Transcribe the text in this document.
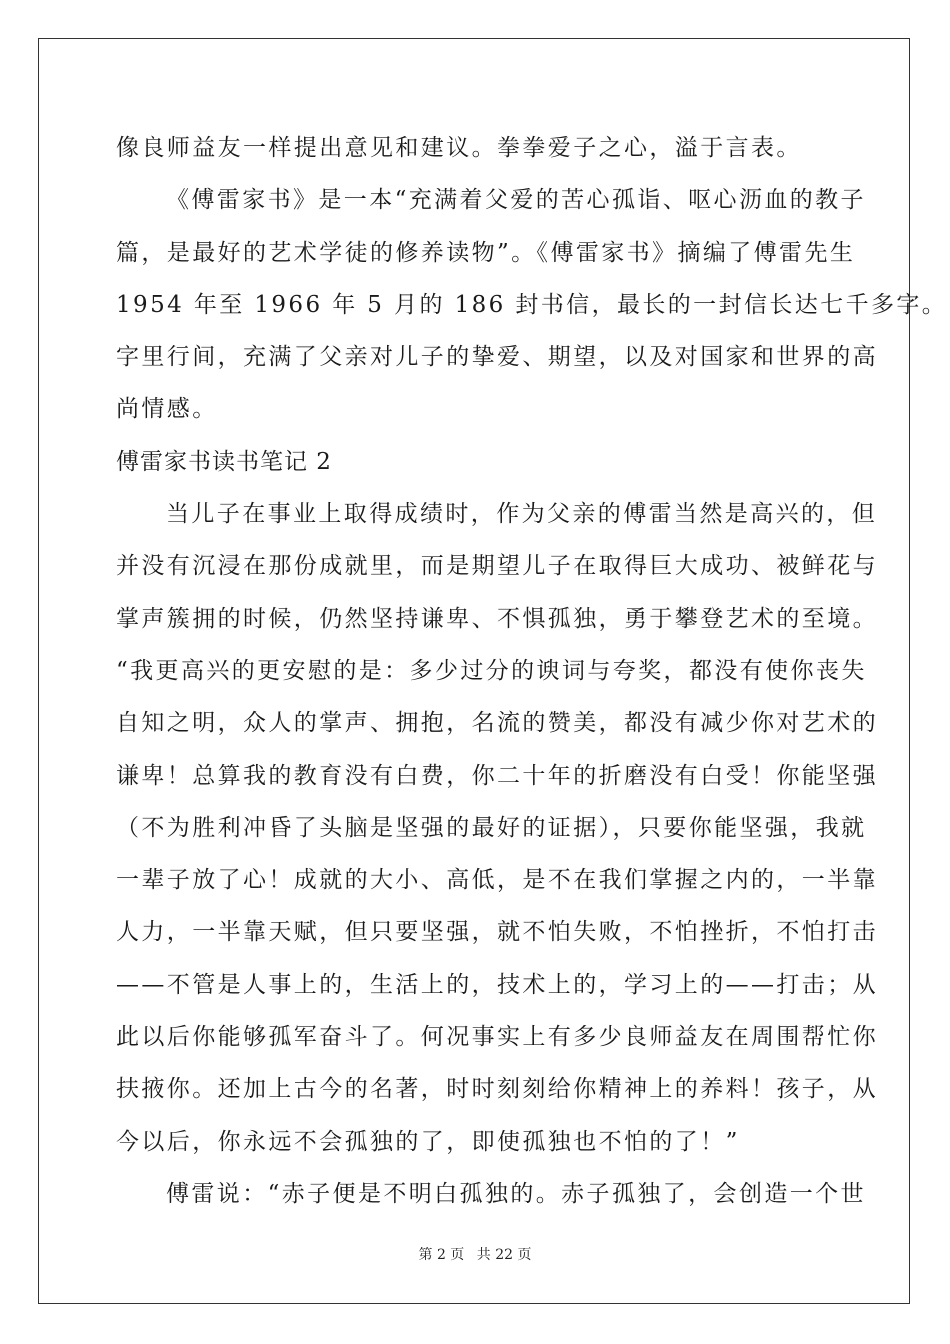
像良师益友一样提出意见和建议。拳拳爱子之心，溢于言表。
《傅雷家书》是一本“充满着父爱的苦心孤诣、呕心沥血的教子
篇，是最好的艺术学徒的修养读物”。《傅雷家书》摘编了傅雷先生
1954 年至 1966 年 5 月的 186 封书信，最长的一封信长达七千多字。
字里行间，充满了父亲对儿子的挚爱、期望，以及对国家和世界的高
尚情感。
傅雷家书读书笔记 2
当儿子在事业上取得成绩时，作为父亲的傅雷当然是高兴的，但
并没有沉浸在那份成就里，而是期望儿子在取得巨大成功、被鲜花与
掌声簇拥的时候，仍然坚持谦卑、不惧孤独，勇于攀登艺术的至境。
“我更高兴的更安慰的是：多少过分的谀词与夸奖，都没有使你丧失
自知之明，众人的掌声、拥抱，名流的赞美，都没有减少你对艺术的
谦卑！总算我的教育没有白费，你二十年的折磨没有白受！你能坚强
（不为胜利冲昏了头脑是坚强的最好的证据），只要你能坚强，我就
一辈子放了心！成就的大小、高低，是不在我们掌握之内的，一半靠
人力，一半靠天赋，但只要坚强，就不怕失败，不怕挫折，不怕打击
——不管是人事上的，生活上的，技术上的，学习上的——打击；从
此以后你能够孤军奋斗了。何况事实上有多少良师益友在周围帮忙你
扶掖你。还加上古今的名著，时时刻刻给你精神上的养料！孩子，从
今以后，你永远不会孤独的了，即使孤独也不怕的了！”
傅雷说：“赤子便是不明白孤独的。赤子孤独了，会创造一个世
第 2 页 共 22 页
